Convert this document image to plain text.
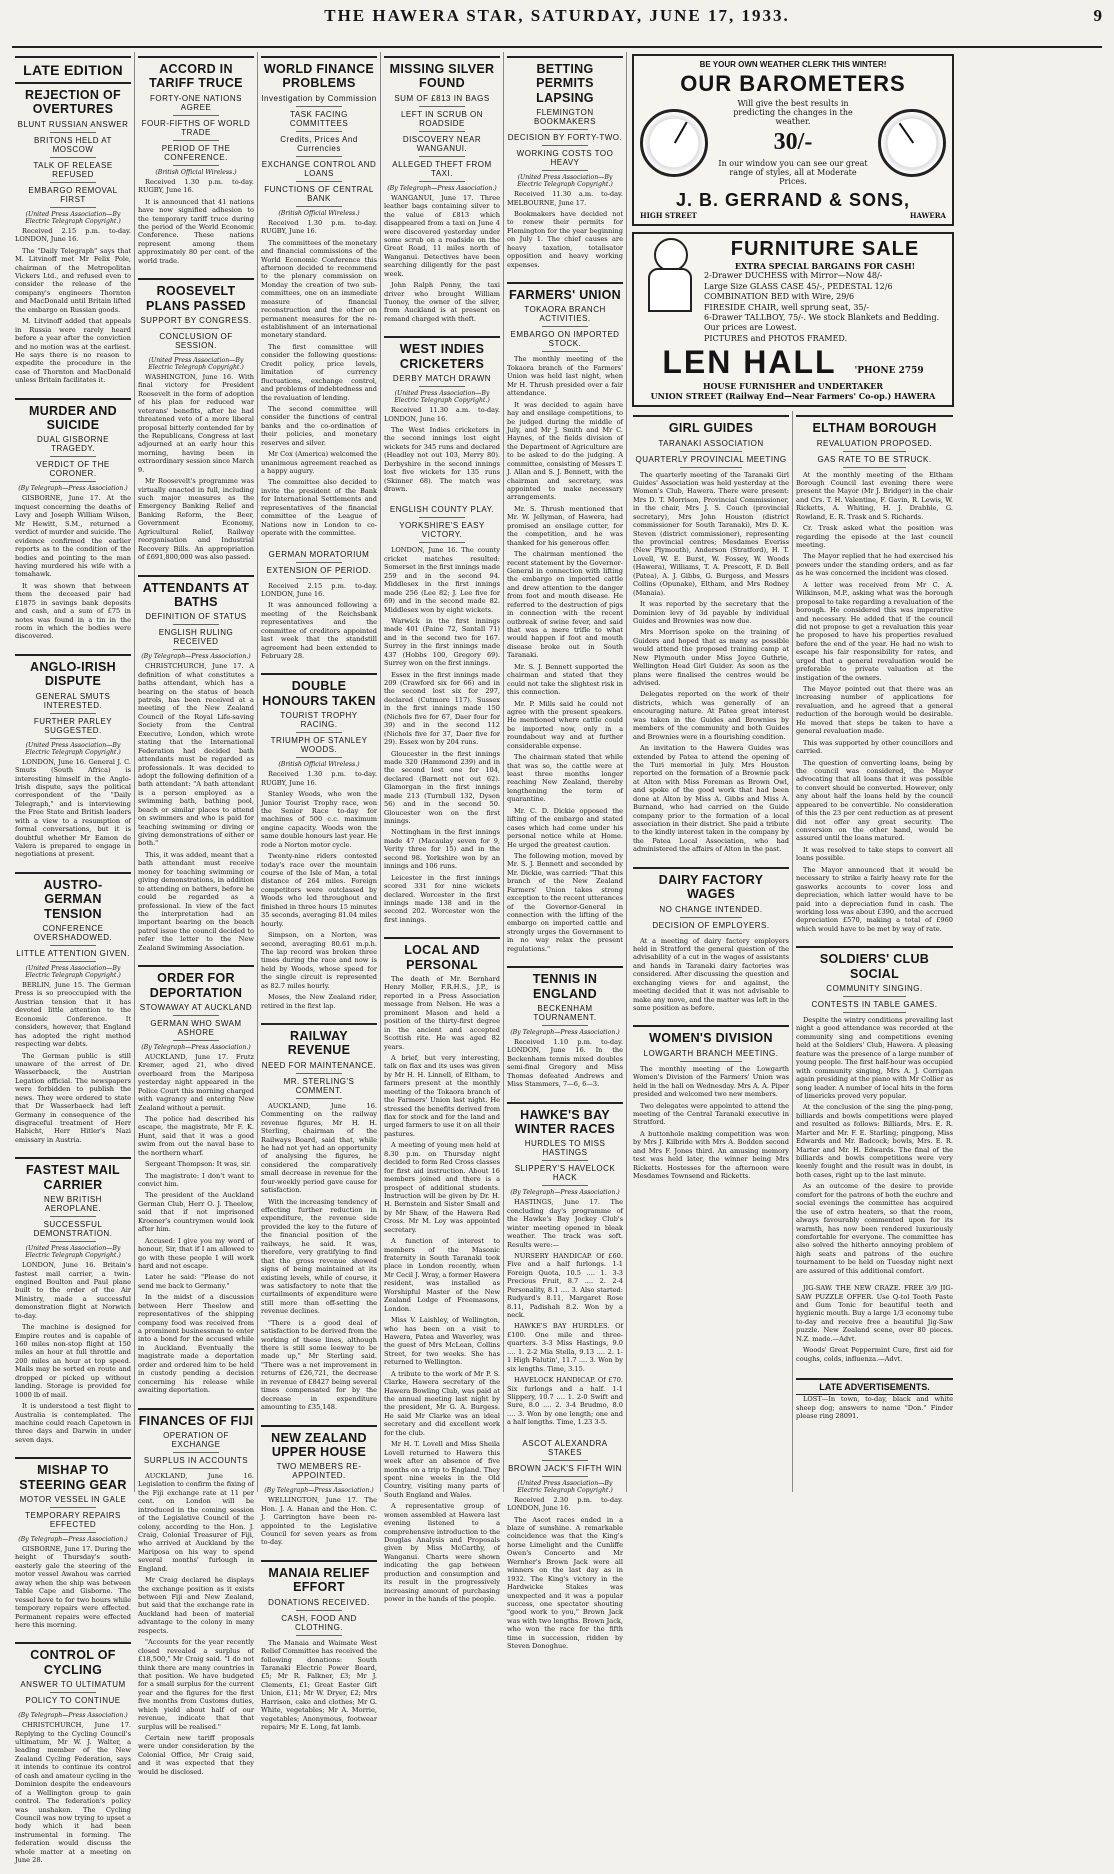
THE HAWERA STAR, SATURDAY, JUNE 17, 1933.	9
LATE EDITION
REJECTION OF OVERTURES
BLUNT RUSSIAN ANSWER
BRITONS HELD AT MOSCOW
TALK OF RELEASE REFUSED
EMBARGO REMOVAL FIRST
(United Press Association—By Electric Telegraph Copyright.)

Received 2.15 p.m. to-day. LONDON, June 16.

The "Daily Telegraph" says that M. Litvinoff met Mr Felix Pole, chairman of the Metropolitan Vickers Ltd., and refused even to consider the release of the company's engineers Thornton and MacDonald until Britain lifted the embargo on Russian goods.

M. Litvinoff added that appeals in Russia were rarely heard before a year after the conviction and no motion was at the earliest. He says there is no reason to expedite the procedure in the case of Thornton and MacDonald unless Britain facilitates it.

MURDER AND SUICIDE
DUAL GISBORNE TRAGEDY.
VERDICT OF THE CORONER.
(By Telegraph—Press Association.)

GISBORNE, June 17. At the inquest concerning the deaths of Lavy and Joseph William Wilson, Mr Hewitt, S.M., returned a verdict of murder and suicide. The evidence confirmed the earlier reports as to the condition of the bodies and pointing to the man having murdered his wife with a tomahawk.

It was shown that between them the deceased pair had £1875 in savings bank deposits and cash, and a sum of £75 in notes was found in a tin in the room in which the bodies were discovered.

ANGLO-IRISH DISPUTE
GENERAL SMUTS INTERESTED.
FURTHER PARLEY SUGGESTED.
(United Press Association—By Electric Telegraph Copyright.)

LONDON, June 16. General J. C. Smuts (South Africa) is interesting himself in the Anglo-Irish dispute, says the political correspondent of the "Daily Telegraph," and is interviewing the Free State and British leaders with a view to a resumption of formal conversations, but it is doubtful whether Mr Eamon de Valera is prepared to engage in negotiations at present.

AUSTRO-GERMAN TENSION
CONFERENCE OVERSHADOWED.
LITTLE ATTENTION GIVEN.
(United Press Association—By Electric Telegraph Copyright.)

BERLIN, June 15. The German Press is so preoccupied with the Austrian tension that it has devoted little attention to the Economic Conference. It considers, however, that England has adopted the right method respecting war debts.

The German public is still unaware of the arrest of Dr. Wasserbaeck, the Austrian Legation official. The newspapers were forbidden to publish the news. They were ordered to state that Dr Wasserbaeck had left Germany in consequence of the disgraceful treatment of Herr Habicht, Herr Hitler's Nazi emissary in Austria.

FASTEST MAIL CARRIER
NEW BRITISH AEROPLANE.
SUCCESSFUL DEMONSTRATION.
(United Press Association—By Electric Telegraph Copyright.)

LONDON, June 16. Britain's fastest mail carrier, a twin-engined Boulton and Paul plane built to the order of the Air Ministry, made a successful demonstration flight at Norwich to-day.

The machine is designed for Empire routes and is capable of 160 miles non-stop flight at 150 miles an hour at full throttle and 200 miles an hour at top speed. Mails may be sorted en route and dropped or picked up without landing. Storage is provided for 1000 lb of mail.

It is understood a test flight to Australia is contemplated. The machine could reach Capetown in three days and Darwin in under seven days.

MISHAP TO STEERING GEAR
MOTOR VESSEL IN GALE
TEMPORARY REPAIRS EFFECTED
(By Telegraph—Press Association.)

GISBORNE, June 17. During the height of Thursday's south-easterly gale the steering of the motor vessel Awahou was carried away when the ship was between Table Cape and Gisborne. The vessel hove to for two hours while temporary repairs were effected. Permanent repairs were effected here this morning.

CONTROL OF CYCLING
ANSWER TO ULTIMATUM
POLICY TO CONTINUE
(By Telegraph—Press Association.)

CHRISTCHURCH, June 17. Replying to the Cycling Council's ultimatum, Mr W. J. Walter, a leading member of the New Zealand Cycling Federation, says it intends to continue its control of cash and amateur cycling in the Dominion despite the endeavours of a Wellington group to gain control. The federation's policy was unshaken. The Cycling Council was now trying to upset a body which it had been instrumental in forming. The federation would discuss the whole matter at a meeting on June 28.

ACCORD IN TARIFF TRUCE
FORTY-ONE NATIONS AGREE
FOUR-FIFTHS OF WORLD TRADE
PERIOD OF THE CONFERENCE.
(British Official Wireless.)

Received 1.30 p.m. to-day. RUGBY, June 16.

It is announced that 41 nations have now signified adhesion to the temporary tariff truce during the period of the World Economic Conference. These nations represent among them approximately 80 per cent. of the world trade.

ROOSEVELT PLANS PASSED
SUPPORT BY CONGRESS.
CONCLUSION OF SESSION.
(United Press Association—By Electric Telegraph Copyright.)

WASHINGTON, June 16. With final victory for President Roosevelt in the form of adoption of his plan for reduced war veterans' benefits, after he had threatened veto of a more liberal proposal bitterly contended for by the Republicans, Congress at last adjourned at an early hour this morning, having been in extraordinary session since March 9.

Mr Roosevelt's programme was virtually enacted in full, including such major measures as the Emergency Banking Relief and Banking Reform, the Beer, Government Economy, Agricultural Relief, Railway reorganisation and Industrial Recovery Bills. An appropriation of £691,800,000 was also passed.

ATTENDANTS AT BATHS
DEFINITION OF STATUS
ENGLISH RULING RECEIVED
(By Telegraph—Press Association.)

CHRISTCHURCH, June 17. A definition of what constitutes a baths attendant, which has a bearing on the status of beach patrols, has been received at a meeting of the New Zealand Council of the Royal Life-saving Society from the Central Executive, London, which wrote stating that the International Federation had decided bath attendants must be regarded as professionals. It was decided to adopt the following definition of a bath attendant: "A bath attendant is a person employed as a swimming bath, bathing pool, beach or similar places to attend on swimmers and who is paid for teaching swimming or diving or giving demonstrations of either or both."

This, it was added, meant that a bath attendant must receive money for teaching swimming or giving demonstrations, in addition to attending on bathers, before he could be regarded as a professional. In view of the fact the interpretation had an important bearing on the beach patrol issue the council decided to refer the letter to the New Zealand Swimming Association.

ORDER FOR DEPORTATION
STOWAWAY AT AUCKLAND
GERMAN WHO SWAM ASHORE
(By Telegraph—Press Association.)

AUCKLAND, June 17. Frutz Kremer, aged 21, who dived overboard from the Mariposa yesterday night appeared in the Police Court this morning charged with vagrancy and entering New Zealand without a permit.

The police had described his escape, the magistrate, Mr F. K. Hunt, said that it was a good swim from out the naval base to the northern wharf.

Sergeant Thompson: It was, sir.

The magistrate: I don't want to convict him.

The president of the Auckland German Club, Herr O. J. Theelow, said that if not imprisoned Kroener's countrymen would look after him.

Accused: I give you my word of honour, Sir, that if I am allowed to go with these people I will work hard and not escape.

Later he said: "Please do not send me back to Germany."

In the midst of a discussion between Herr Theelow and representatives of the shipping company food was received from a prominent businessman to enter into a bond for the accused while in Auckland. Eventually the magistrate made a deportation order and ordered him to be held in custody pending a decision concerning his release while awaiting deportation.

FINANCES OF FIJI
OPERATION OF EXCHANGE
SURPLUS IN ACCOUNTS

AUCKLAND, June 16. Legislation to confirm the fixing of the Fiji exchange rate at 11 per cent. on London will be introduced in the coming session of the Legislative Council of the colony, according to the Hon. J. Craig, Colonial Treasurer of Fiji, who arrived at Auckland by the Mariposa on his way to spend several months' furlough in England.

Mr Craig declared he displays the exchange position as it exists between Fiji and New Zealand, but said that the exchange rate in Auckland had been of material advantage to the colony in many respects.

"Accounts for the year recently closed revealed a surplus of £18,500," Mr Craig said. "I do not think there are many countries in that position. We have budgeted for a small surplus for the current year and the figures for the first five months from Customs duties, which yield about half of our revenue, indicate that that surplus will be realised."

Certain new tariff proposals were under consideration by the Colonial Office, Mr Craig said, and it was expected that they would be disclosed.

WORLD FINANCE PROBLEMS
Investigation by Commission
TASK FACING COMMITTEES
Credits, Prices And Currencies
EXCHANGE CONTROL AND LOANS
FUNCTIONS OF CENTRAL BANK
(British Official Wireless.)

Received 1.30 p.m. to-day. RUGBY, June 16.

The committees of the monetary and financial commissions of the World Economic Conference this afternoon decided to recommend to the plenary commission on Monday the creation of two sub-committees, one on an immediate measure of financial reconstruction and the other on permanent measures for the re-establishment of an international monetary standard.

The first committee will consider the following questions: Credit policy, price levels, limitation of currency fluctuations, exchange control, and problems of indebtedness and the revaluation of lending.

The second committee will consider the functions of central banks and the co-ordination of their policies, and monetary reserves and silver.

Mr Cox (America) welcomed the unanimous agreement reached as a happy augury.

The committee also decided to invite the president of the Bank for International Settlements and representatives of the financial committee of the League of Nations now in London to co-operate with the committee.

GERMAN MORATORIUM
EXTENSION OF PERIOD.

Received 2.15 p.m. to-day. LONDON, June 16.

It was announced following a meeting of the Reichsbank representatives and the committee of creditors appointed last week that the standstill agreement had been extended to February 28.

DOUBLE HONOURS TAKEN
TOURIST TROPHY RACING.
TRIUMPH OF STANLEY WOODS.
(British Official Wireless.)

Received 1.30 p.m. to-day. RUGBY, June 16.

Stanley Woods, who won the Junior Tourist Trophy race, won the Senior Race to-day for machines of 500 c.c. maximum engine capacity. Woods won the same double honours last year. He rode a Norton motor cycle.

Twenty-nine riders contested today's race over the mountain course of the Isle of Man, a total distance of 264 miles. Foreign competitors were outclassed by Woods who led throughout and finished in three hours 15 minutes 35 seconds, averaging 81.04 miles hourly.

Simpson, on a Norton, was second, averaging 80.61 m.p.h. The lap record was broken three times during the race and now is held by Woods, whose speed for the single circuit is represented as 82.7 miles hourly.

Moses, the New Zealand rider, retired in the first lap.

RAILWAY REVENUE
NEED FOR MAINTENANCE.
MR. STERLING'S COMMENT.

AUCKLAND, June 16. Commenting on the railway revenue figures, Mr H. H. Sterling, chairman of the Railways Board, said that, while he had not yet had an opportunity of analysing the figures, he considered the comparatively small decrease in revenue for the four-weekly period gave cause for satisfaction.

With the increasing tendency of effecting further reduction in expenditure, the revenue side provided the key to the future of the financial position of the railways, he said. It was, therefore, very gratifying to find that the gross revenue showed signs of being maintained at its existing levels, while of course, it was satisfactory to note that the curtailments of expenditure were still more than off-setting the revenue declines.

"There is a good deal of satisfaction to be derived from the working of these lines, although there is still some leeway to be made up," Mr Sterling said. "There was a net improvement in returns of £26,721, the decrease in revenue of £8427 being several times compensated for by the decrease in expenditure amounting to £35,148.

NEW ZEALAND UPPER HOUSE
TWO MEMBERS RE-APPOINTED.
(By Telegraph—Press Association.)

WELLINGTON, June 17. The Hon. J. A. Hanan and the Hon. C. J. Carrington have been re-appointed to the Legislative Council for seven years as from to-day.

MANAIA RELIEF EFFORT
DONATIONS RECEIVED.
CASH, FOOD AND CLOTHING.

The Manaia and Waimate West Relief Committee has received the following donations: South Taranaki Electric Power Board, £5; Mr R. Falkner, £3; Mr J. Clements, £1; Great Easter Gift Union, £11; Mr W. Dryer, £2; Mrs Harrison, cake and clothes; Mr G. White, vegetables; Mr A. Morrie, vegetables; Anonymous, footwear repairs; Mr E. Long, fat lamb.

MISSING SILVER FOUND
SUM OF £813 IN BAGS
LEFT IN SCRUB ON ROADSIDE
DISCOVERY NEAR WANGANUI.
ALLEGED THEFT FROM TAXI.
(By Telegraph—Press Association.)

WANGANUI, June 17. Three leather bags containing silver to the value of £813 which disappeared from a taxi on June 4 were discovered yesterday under some scrub on a roadside on the Great Road, 11 miles north of Wanganui. Detectives have been searching diligently for the past week.

John Ralph Penny, the taxi driver who brought William Tuoney, the owner of the silver, from Auckland is at present on remand charged with theft.

WEST INDIES CRICKETERS
DERBY MATCH DRAWN
(United Press Association—By Electric Telegraph Copyright.)

Received 11.30 a.m. to-day. LONDON, June 16.

The West Indies cricketers in the second innings lost eight wickets for 345 runs and declared (Headley not out 103, Merry 80). Derbyshire in the second innings lost five wickets for 135 runs (Skinner 68). The match was drawn.

ENGLISH COUNTY PLAY.
YORKSHIRE'S EASY VICTORY.

LONDON, June 16. The county cricket matches resulted: Somerset in the first innings made 259 and in the second 94. Middlesex in the first innings made 256 (Lee 82; J. Lee five for 69) and in the second made 82. Middlesex won by eight wickets.

Warwick in the first innings made 401 (Paine 72, Santall 71) and in the second two for 167. Surrey in the first innings made 437 (Hobbs 100, Gregory 69). Surrey won on the first innings.

Essex in the first innings made 209 (Crawford six for 66) and in the second lost six for 297, declared (Cutmore 117). Sussex in the first innings made 150 (Nichols five for 67, Daer four for 39) and in the second 112 (Nichols five for 37, Daer five for 29). Essex won by 204 runs.

Gloucester in the first innings made 320 (Hammond 239) and in the second lost one for 104, declared (Barnett not out 62). Glamorgan in the first innings made 213 (Turnbull 132, Dyson 56) and in the second 50. Gloucester won on the first innings.

Nottingham in the first innings made 47 (Macaulay seven for 9, Verity three for 15) and in the second 98. Yorkshire won by an innings and 106 runs.

Leicester in the first innings scored 331 for nine wickets declared. Worcester in the first innings made 138 and in the second 202. Worcester won the first innings.

LOCAL AND PERSONAL

The death of Mr. Bernhard Henry Moller, F.R.H.S., J.P., is reported in a Press Association message from Nelson. He was a prominent Mason and held a position of the thirty-first degree in the ancient and accepted Scottish rite. He was aged 82 years.

A brief, but very interesting, talk on flax and its uses was given by Mr H. H. Linnell, of Eltham, to farmers present at the monthly meeting of the Tokaora branch of the Farmers' Union last night. He stressed the benefits derived from flax for stock and for the land and urged farmers to use it on all their pastures.

A meeting of young men held at 8.30 p.m. on Thursday night decided to form Red Cross classes for first aid instruction. About 16 members joined and there is a prospect of additional students. Instruction will be given by Dr. H. H. Bernstein and Sister Small and by Mr Shaw, of the Hawera Red Cross. Mr M. Loy was appointed secretary.

A function of interest to members of the Masonic fraternity in South Taranaki took place in London recently, when Mr Cecil J. Wray, a former Hawera resident, was installed as Worshipful Master of the New Zealand Lodge of Freemasons, London.

Miss V. Laishley, of Wellington, who has been on a visit to Hawera, Patea and Waverley, was the guest of Mrs McLean, Collins Street, for two weeks. She has returned to Wellington.

A tribute to the work of Mr P. S. Clarke, Hawera secretary of the Hawera Bowling Club, was paid at the annual meeting last night by the president, Mr G. A. Burgess. He said Mr Clarke was an ideal secretary and did excellent work for the club.

Mr H. T. Lovell and Miss Sheila Lovell returned to Hawera this week after an absence of five months on a trip to England. They spent nine weeks in the Old Country, visiting many parts of South England and Wales.

A representative group of women assembled at Hawera last evening listened to a comprehensive introduction to the Douglas Analysis and Proposals given by Miss McCarthy, of Wanganui. Charts were shown indicating the gap between production and consumption and its result in the progressively increasing amount of purchasing power in the hands of the people.

BETTING PERMITS LAPSING
FLEMINGTON BOOKMAKERS
DECISION BY FORTY-TWO.
WORKING COSTS TOO HEAVY
(United Press Association—By Electric Telegraph Copyright.)

Received 11.30 a.m. to-day. MELBOURNE, June 17.

Bookmakers have decided not to renew their permits for Flemington for the year beginning on July 1. The chief causes are heavy taxation, totalisator opposition and heavy working expenses.

FARMERS' UNION
TOKAORA BRANCH ACTIVITIES.
EMBARGO ON IMPORTED STOCK.

The monthly meeting of the Tokaora branch of the Farmers' Union was held last night, when Mr H. Thrush presided over a fair attendance.

It was decided to again have hay and ensilage competitions, to be judged during the middle of July, and Mr J. Smith and Mr C. Haynes, of the fields division of the Department of Agriculture are to be asked to do the judging. A committee, consisting of Messrs T. J. Allan and S. J. Bennett, with the chairman and secretary, was appointed to make necessary arrangements.

Mr. S. Thrush mentioned that Mr. W. Jellyman, of Hawera, had promised an ensilage cutter, for the competition, and he was thanked for his generous offer.

The chairman mentioned the recent statement by the Governor-General in connection with lifting the embargo on imported cattle and drew attention to the danger from foot and mouth disease. He referred to the destruction of pigs in connection with the recent outbreak of swine fever, and said that was a mere trifle to what would happen if foot and mouth disease broke out in South Taranaki.

Mr. S. J. Bennett supported the chairman and stated that they could not take the slightest risk in this connection.

Mr. P. Mills said he could not agree with the present speakers. He mentioned where cattle could be imported now, only in a roundabout way and at further considerable expense.

The chairman stated that while that was so, the cattle were at least three months longer reaching New Zealand, thereby lengthening the term of quarantine.

Mr. C. D. Dickie opposed the lifting of the embargo and stated cases which had come under his personal notice while at Home. He urged the greatest caution.

The following motion, moved by Mr. S. J. Bennett and seconded by Mr. Dickie, was carried: "That this branch of the New Zealand Farmers' Union takes strong exception to the recent utterances of the Governor-General in connection with the lifting of the embargo on imported cattle and strongly urges the Government to in no way relax the present regulations."

TENNIS IN ENGLAND
BECKENHAM TOURNAMENT.
(By Telegraph—Press Association.)

Received 1.10 p.m. to-day. LONDON, June 16. In the Beckenham tennis mixed doubles semi-final Gregory and Miss Thomas defeated Andrews and Miss Stammers, 7—6, 6—3.

HAWKE'S BAY WINTER RACES
HURDLES TO MISS HASTINGS
SLIPPERY'S HAVELOCK HACK
(By Telegraph—Press Association.)

HASTINGS, June 17. The concluding day's programme of the Hawke's Bay Jockey Club's winter meeting opened in bleak weather. The track was soft. Results were:—

NURSERY HANDICAP. Of £60. Five and a half furlongs. 1-1 Foreign Quota, 10.5 .... 1. 3-3 Precious Fruit, 8.7 .... 2. 2-4 Personality, 8.1 .... 3. Also started: Rudyard's 8.11, Margaret Rose 8.11, Padishah 8.2. Won by a neck.

HAWKE'S BAY HURDLES. Of £100. One mile and three-quarters. 3-3 Miss Hastings, 9.0 .... 1. 2-2 Mia Stella, 9.13 .... 2. 1-1 High Falutin', 11.7 .... 3. Won by six lengths. Time, 3.15.

HAVELOCK HANDICAP. Of £70. Six furlongs and a half. 1-1 Slippery, 10.7 .... 1. 2-0 Swift and Sure, 8.0 .... 2. 3-4 Brudmo, 8.0 .... 3. Won by one length; one and a half lengths. Time, 1.23 3-5.

ASCOT ALEXANDRA STAKES
BROWN JACK'S FIFTH WIN
(United Press Association—By Electric Telegraph Copyright.)

Received 2.30 p.m. to-day. LONDON, June 16.

The Ascot races ended in a blaze of sunshine. A remarkable coincidence was that the King's horse Limelight and the Cunliffe Owen's Concerto and Mr Wernher's Brown Jack were all winners on the last day as in 1932. The King's victory in the Hardwicke Stakes was unexpected and it was a popular success, one spectator shouting "good work to you," Brown Jack was with two lengths. Brown Jack, who won the race for the fifth time in succession, ridden by Steven Donoghue.

BE YOUR OWN WEATHER CLERK THIS WINTER!
OUR BAROMETERS
Will give the best results in predicting the changes in the weather.
30/-
In our window you can see our great range of styles, all at Moderate Prices.
J. B. GERRAND & SONS,
HIGH STREET	HAWERA
FURNITURE SALE
EXTRA SPECIAL BARGAINS FOR CASH!
2-Drawer DUCHESS with Mirror—Now 48/-
Large Size GLASS CASE 45/-, PEDESTAL 12/6
COMBINATION BED with Wire, 29/6
FIRESIDE CHAIR, well sprung seat, 35/-
6-Drawer TALLBOY, 75/-. We stock Blankets and Bedding. Our prices are Lowest.
PICTURES and PHOTOS FRAMED.
LEN HALL 'PHONE 2759
HOUSE FURNISHER and UNDERTAKER
UNION STREET (Railway End—Near Farmers' Co-op.) HAWERA
GIRL GUIDES
TARANAKI ASSOCIATION
QUARTERLY PROVINCIAL MEETING

The quarterly meeting of the Taranaki Girl Guides' Association was held yesterday at the Women's Club, Hawera. There were present: Mrs D. T. Morrison, Provincial Commissioner, in the chair, Mrs J. S. Couch (provincial secretary), Mrs John Houston (district commissioner for South Taranaki), Mrs D. K. Steven (district commissioner), representing the provincial centres; Mesdames Everiss (New Plymouth), Anderson (Stratford), H. T. Lovell, W. E. Burst, W. Fossey, W. Woods (Hawera), Williams, T. A. Prescott, F. D. Bell (Patea), A. J. Gibbs, G. Burgess, and Messrs Collins (Opunake), Eltham, and Mrs Rodney (Manaia).

It was reported by the secretary that the Dominion levy of 3d payable by individual Guides and Brownies was now due.

Mrs Morrison spoke on the training of Guiders and hoped that as many as possible would attend the proposed training camp at New Plymouth under Miss Joyce Guthrie, Wellington Head Girl Guider. As soon as the plans were finalised the centres would be advised.

Delegates reported on the work of their districts, which was generally of an encouraging nature. At Patea great interest was taken in the Guides and Brownies by members of the community and both Guides and Brownies were in a flourishing condition.

An invitation to the Hawera Guides was extended by Patea to attend the opening of the Turi memorial in July. Mrs Houston reported on the formation of a Brownie pack at Alton with Miss Foreman as Brown Owl, and spoke of the good work that had been done at Alton by Miss A. Gibbs and Miss A. Burnand, who had carried on the Guide company prior to the formation of a local association in their district. She paid a tribute to the kindly interest taken in the company by the Patea Local Association, who had administered the affairs of Alton in the past.

DAIRY FACTORY WAGES
NO CHANGE INTENDED.
DECISION OF EMPLOYERS.

At a meeting of dairy factory employers held in Stratford the general question of the advisability of a cut in the wages of assistants and hands in Taranaki dairy factories was considered. After discussing the question and exchanging views for and against, the meeting decided that it was not advisable to make any move, and the matter was left in the same position as before.

WOMEN'S DIVISION
LOWGARTH BRANCH MEETING.

The monthly meeting of the Lowgarth Women's Division of the Farmers' Union was held in the hall on Wednesday. Mrs A. A. Piper presided and welcomed two new members.

Two delegates were appointed to attend the meeting of the Central Taranaki executive in Stratford.

A buttonhole making competition was won by Mrs J. Kilbride with Mrs A. Bodden second and Mrs F. Jones third. An amusing memory test was held later, the winner being Mrs Ricketts. Hostesses for the afternoon were Mesdames Townsend and Ricketts.

ELTHAM BOROUGH
REVALUATION PROPOSED.
GAS RATE TO BE STRUCK.

At the monthly meeting of the Eltham Borough Council last evening there were present the Mayor (Mr J. Bridger) in the chair and Crs. T. H. Valentine, F. Gavin, R. Lewis, W. Ricketts, A. Whiting, H. J. Drabble, G. Rowland, E. R. Trask and S. Richards.

Cr. Trask asked what the position was regarding the episode at the last council meeting.

The Mayor replied that he had exercised his powers under the standing orders, and as far as he was concerned the incident was closed.

A letter was received from Mr C. A. Wilkinson, M.P., asking what was the borough proposal to take regarding a revaluation of the borough. He considered this was imperative and necessary. He added that if the council did not propose to get a revaluation this year he proposed to have his properties revalued before the end of the year. He had no wish to escape his fair responsibility for rates, and urged that a general revaluation would be preferable to private valuation at the instigation of the owners.

The Mayor pointed out that there was an increasing number of applications for revaluation, and he agreed that a general reduction of the borough would be desirable. He moved that steps be taken to have a general revaluation made.

This was supported by other councillors and carried.

The question of converting loans, being by the council was considered, the Mayor advocating that all loans that it was possible to convert should be converted. However, only any about half the loans held by the council appeared to be convertible. No consideration of this the 23 per cent reduction as at present did not offer any great security. The conversion on the other hand, would be assured until the loans matured.

It was resolved to take steps to convert all loans possible.

The Mayor announced that it would be necessary to strike a fairly heavy rate for the gasworks accounts to cover loss and depreciation, which latter would have to be paid into a depreciation fund in cash. The working loss was about £390, and the accrued depreciation £570, making a total of £960 which would have to be met by way of rate.

SOLDIERS' CLUB SOCIAL
COMMUNITY SINGING.
CONTESTS IN TABLE GAMES.

Despite the wintry conditions prevailing last night a good attendance was recorded at the community sing and competitions evening held at the Soldiers' Club, Hawera. A pleasing feature was the presence of a large number of young people. The first half-hour was occupied with community singing, Mrs A. J. Corrigan again presiding at the piano with Mr Collier as song leader. A number of local hits in the form of limericks proved very popular.

At the conclusion of the sing the ping-pong, billiards and bowls competitions were played and resulted as follows: Billiards, Mrs. E. R. Marter and Mr. F. E. Starling; pingpong, Miss Edwards and Mr. Badcock; bowls, Mrs. E. R. Marter and Mr. H. Edwards. The final of the billiards and bowls competitions were very keenly fought and the result was in doubt, in both cases, right up to the last minute.

As an outcome of the desire to provide comfort for the patrons of both the euchre and social evenings the committee has acquired the use of extra heaters, so that the room, always favourably commented upon for its warmth, has now been rendered luxuriously comfortable for everyone. The committee has also solved the hitherto annoying problem of high seats and patrons of the euchre tournament to be held on Tuesday night next are assured of this additional comfort.

JIG-SAW. THE NEW CRAZE. FREE 3/9 JIG-SAW PUZZLE OFFER. Use Q-tol Tooth Paste and Gum Tonic for beautiful teeth and hygienic mouth. Buy a large 1/3 economy tube to-day and receive free a beautiful Jig-Saw puzzle. New Zealand scene, over 80 pieces. N.Z. made.—Advt.

Woods' Great Peppermint Cure, first aid for coughs, colds, influenza.—Advt.

LATE ADVERTISEMENTS.

LOST—In town, to-day, black and white sheep dog; answers to name "Don." Finder please ring 28091.
